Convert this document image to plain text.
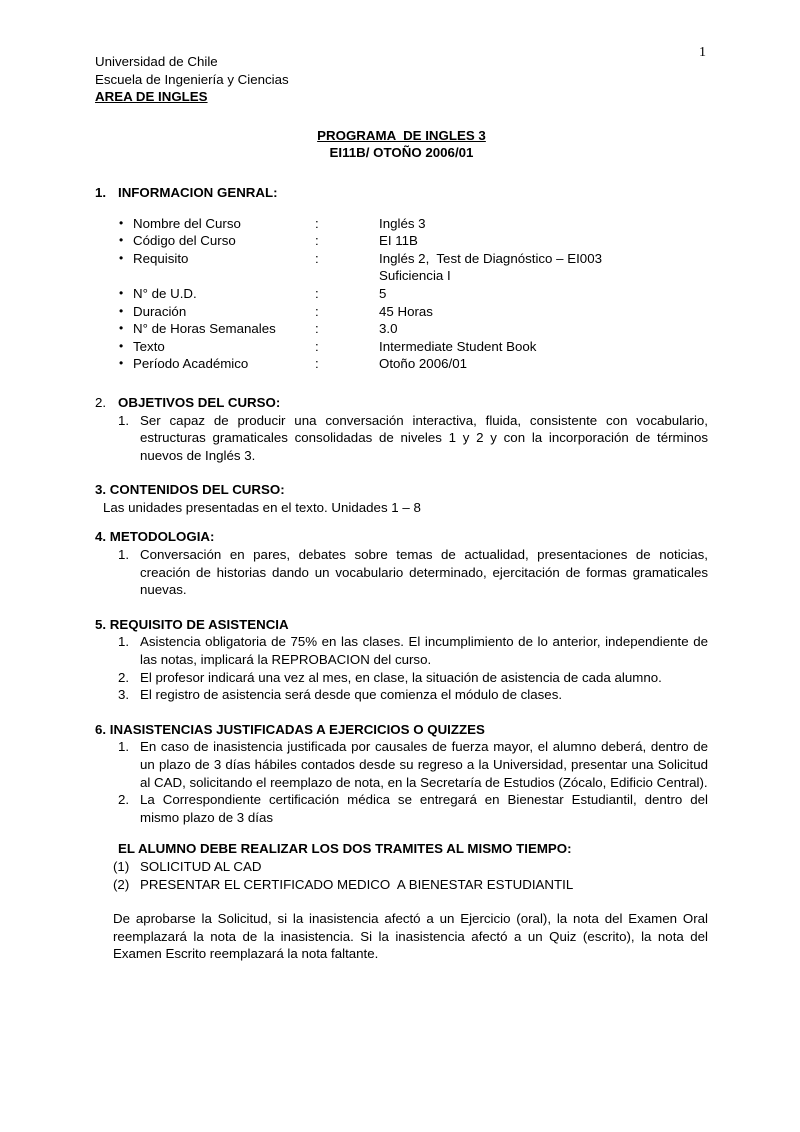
1
Universidad de Chile
Escuela de Ingeniería y Ciencias
AREA DE INGLES
PROGRAMA  DE INGLES 3
EI11B/ OTOÑO 2006/01
1. INFORMACION GENRAL:
• Nombre del Curso	:	Inglés 3
• Código del Curso	:	EI 11B
• Requisito	:	Inglés 2,  Test de Diagnóstico – EI003
Suficiencia I
• N° de U.D.	:	5
• Duración	:	45 Horas
• N° de Horas Semanales	:	3.0
• Texto	:	Intermediate Student Book
• Período Académico	:	Otoño 2006/01
2. OBJETIVOS DEL CURSO:
1. Ser capaz de producir una conversación interactiva, fluida, consistente con vocabulario, estructuras gramaticales consolidadas de niveles 1 y 2 y con la incorporación de términos nuevos de Inglés 3.
3. CONTENIDOS DEL CURSO:
Las unidades presentadas en el texto. Unidades 1 – 8
4. METODOLOGIA:
1. Conversación en pares, debates sobre temas de actualidad, presentaciones de noticias, creación de historias dando un vocabulario determinado, ejercitación de formas gramaticales nuevas.
5. REQUISITO DE ASISTENCIA
1. Asistencia obligatoria de 75% en las clases. El incumplimiento de lo anterior, independiente de las notas, implicará la REPROBACION del curso.
2. El profesor indicará una vez al mes, en clase, la situación de asistencia de cada alumno.
3. El registro de asistencia será desde que comienza el módulo de clases.
6. INASISTENCIAS JUSTIFICADAS A EJERCICIOS O QUIZZES
1. En caso de inasistencia justificada por causales de fuerza mayor, el alumno deberá, dentro de un plazo de 3 días hábiles contados desde su regreso a la Universidad, presentar una Solicitud al CAD, solicitando el reemplazo de nota, en la Secretaría de Estudios (Zócalo, Edificio Central).
2. La Correspondiente certificación médica se entregará en Bienestar Estudiantil, dentro del mismo plazo de 3 días
EL ALUMNO DEBE REALIZAR LOS DOS TRAMITES AL MISMO TIEMPO:
(1) SOLICITUD AL CAD
(2) PRESENTAR EL CERTIFICADO MEDICO  A BIENESTAR ESTUDIANTIL
De aprobarse la Solicitud, si la inasistencia afectó a un Ejercicio (oral), la nota del Examen Oral reemplazará la nota de la inasistencia. Si la inasistencia afectó a un Quiz (escrito), la nota del Examen Escrito reemplazará la nota faltante.
